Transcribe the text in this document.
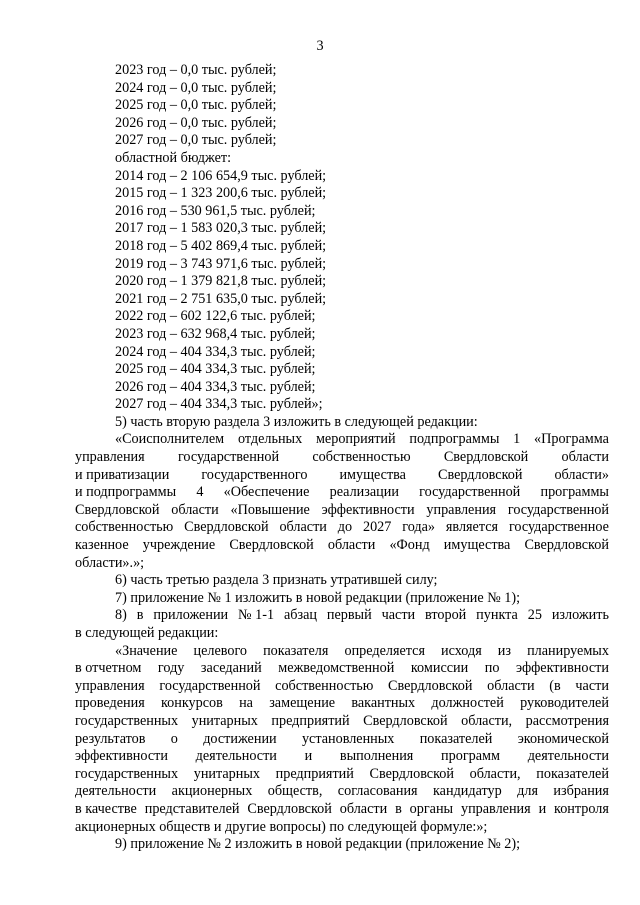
3
2023 год – 0,0 тыс. рублей;
2024 год – 0,0 тыс. рублей;
2025 год – 0,0 тыс. рублей;
2026 год – 0,0 тыс. рублей;
2027 год – 0,0 тыс. рублей;
областной бюджет:
2014 год – 2 106 654,9 тыс. рублей;
2015 год – 1 323 200,6 тыс. рублей;
2016 год – 530 961,5 тыс. рублей;
2017 год – 1 583 020,3 тыс. рублей;
2018 год – 5 402 869,4 тыс. рублей;
2019 год – 3 743 971,6 тыс. рублей;
2020 год – 1 379 821,8 тыс. рублей;
2021 год – 2 751 635,0 тыс. рублей;
2022 год – 602 122,6 тыс. рублей;
2023 год – 632 968,4 тыс. рублей;
2024 год – 404 334,3 тыс. рублей;
2025 год – 404 334,3 тыс. рублей;
2026 год – 404 334,3 тыс. рублей;
2027 год – 404 334,3 тыс. рублей»;
5) часть вторую раздела 3 изложить в следующей редакции:
«Соисполнителем отдельных мероприятий подпрограммы 1 «Программа
управления государственной собственностью Свердловской области
и приватизации государственного имущества Свердловской области»
и подпрограммы 4 «Обеспечение реализации государственной программы
Свердловской области «Повышение эффективности управления государственной
собственностью Свердловской области до 2027 года» является государственное
казенное учреждение Свердловской области «Фонд имущества Свердловской
области».»;
6) часть третью раздела 3 признать утратившей силу;
7) приложение № 1 изложить в новой редакции (приложение № 1);
8) в приложении № 1-1 абзац первый части второй пункта 25 изложить
в следующей редакции:
«Значение целевого показателя определяется исходя из планируемых
в отчетном году заседаний межведомственной комиссии по эффективности
управления государственной собственностью Свердловской области (в части
проведения конкурсов на замещение вакантных должностей руководителей
государственных унитарных предприятий Свердловской области, рассмотрения
результатов о достижении установленных показателей экономической
эффективности деятельности и выполнения программ деятельности
государственных унитарных предприятий Свердловской области, показателей
деятельности акционерных обществ, согласования кандидатур для избрания
в качестве представителей Свердловской области в органы управления и контроля
акционерных обществ и другие вопросы) по следующей формуле:»;
9) приложение № 2 изложить в новой редакции (приложение № 2);
